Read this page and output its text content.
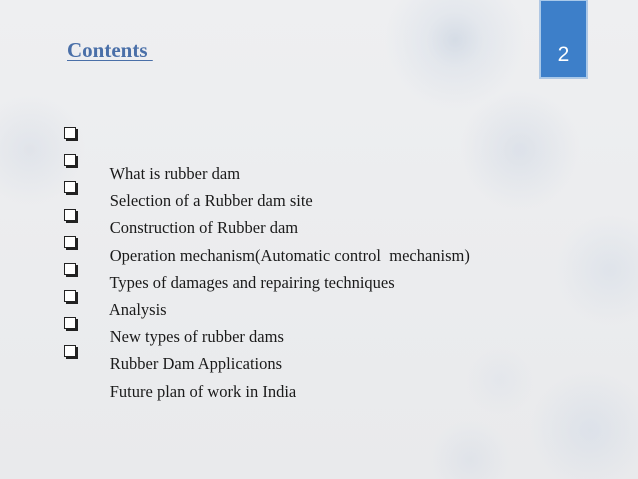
Contents	2

What is rubber dam

Selection of a Rubber dam site

Construction of Rubber dam

Operation mechanism(Automatic control  mechanism)

Types of damages and repairing techniques

Analysis

New types of rubber dams

Rubber Dam Applications

Future plan of work in India
